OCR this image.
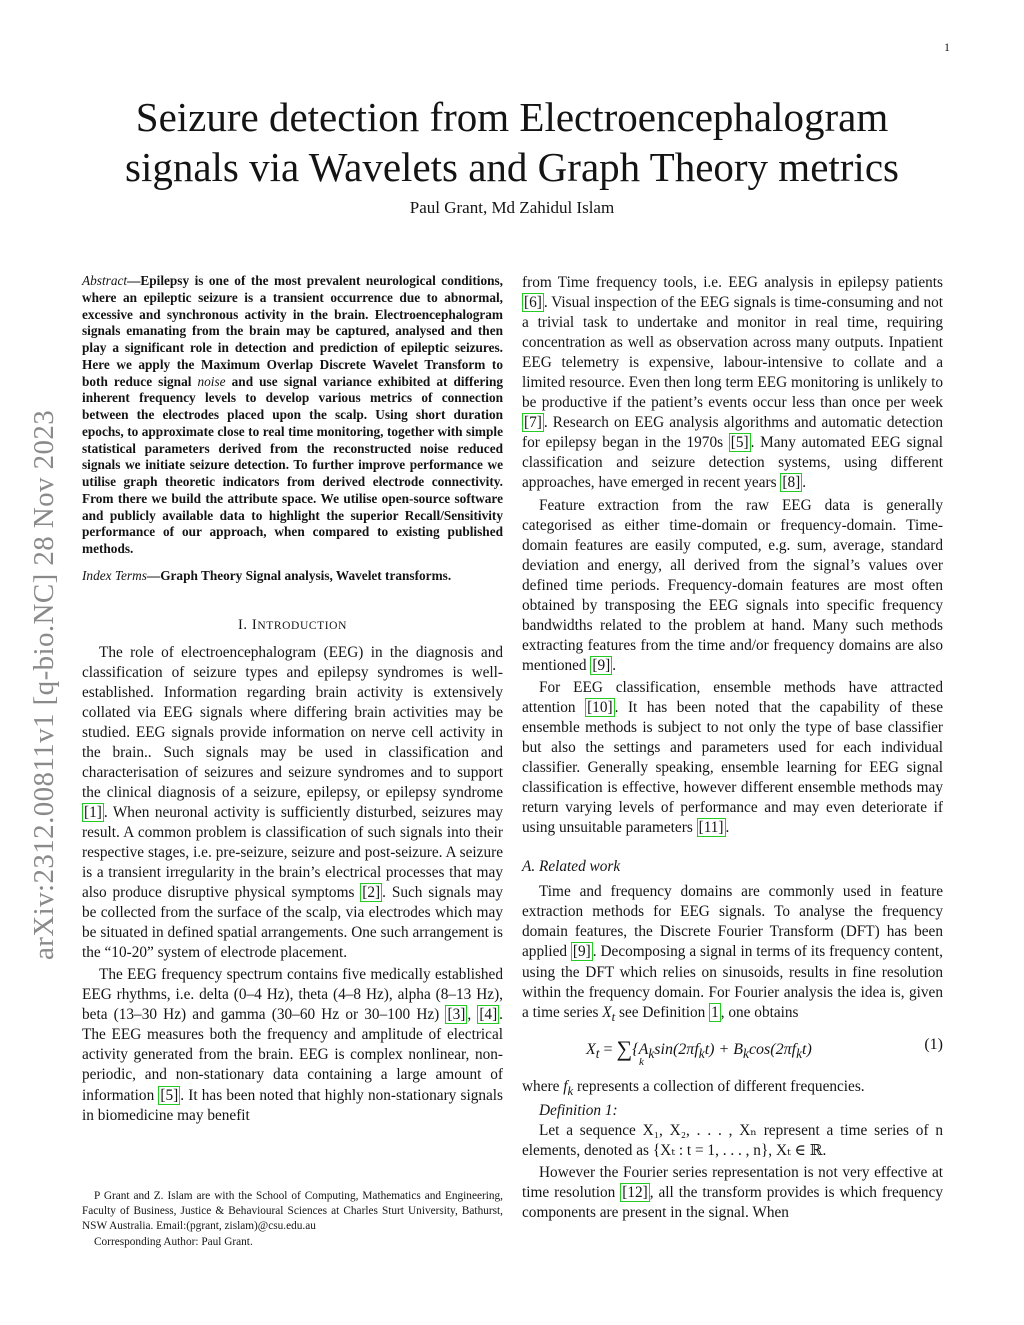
1
arXiv:2312.00811v1 [q-bio.NC] 28 Nov 2023
Seizure detection from Electroencephalogram
signals via Wavelets and Graph Theory metrics
Paul Grant, Md Zahidul Islam

Abstract—Epilepsy is one of the most prevalent neurological conditions, where an epileptic seizure is a transient occurrence due to abnormal, excessive and synchronous activity in the brain. Electroencephalogram signals emanating from the brain may be captured, analysed and then play a significant role in detection and prediction of epileptic seizures. Here we apply the Maximum Overlap Discrete Wavelet Transform to both reduce signal noise and use signal variance exhibited at differing inherent frequency levels to develop various metrics of connection between the electrodes placed upon the scalp. Using short duration epochs, to approximate close to real time monitoring, together with simple statistical parameters derived from the reconstructed noise reduced signals we initiate seizure detection. To further improve performance we utilise graph theoretic indicators from derived electrode connectivity. From there we build the attribute space. We utilise open-source software and publicly available data to highlight the superior Recall/Sensitivity performance of our approach, when compared to existing published methods.

Index Terms—Graph Theory Signal analysis, Wavelet transforms.

I. INTRODUCTION

The role of electroencephalogram (EEG) in the diagnosis and classification of seizure types and epilepsy syndromes is well-established. Information regarding brain activity is extensively collated via EEG signals where differing brain activities may be studied. EEG signals provide information on nerve cell activity in the brain.. Such signals may be used in classification and characterisation of seizures and seizure syndromes and to support the clinical diagnosis of a seizure, epilepsy, or epilepsy syndrome [1] . When neuronal activity is sufficiently disturbed, seizures may result. A common problem is classification of such signals into their respective stages, i.e. pre-seizure, seizure and post-seizure. A seizure is a transient irregularity in the brain’s electrical processes that may also produce disruptive physical symptoms [2] . Such signals may be collected from the surface of the scalp, via electrodes which may be situated in defined spatial arrangements. One such arrangement is the “10-20” system of electrode placement.

The EEG frequency spectrum contains five medically established EEG rhythms, i.e. delta (0–4 Hz), theta (4–8 Hz), alpha (8–13 Hz), beta (13–30 Hz) and gamma (30–60 Hz or 30–100 Hz) [3] , [4] . The EEG measures both the frequency and amplitude of electrical activity generated from the brain. EEG is complex nonlinear, non-periodic, and non-stationary data containing a large amount of information [5] . It has been noted that highly non-stationary signals in biomedicine may benefit

P Grant and Z. Islam are with the School of Computing, Mathematics and Engineering, Faculty of Business, Justice & Behavioural Sciences at Charles Sturt University, Bathurst, NSW Australia. Email:(pgrant, zislam)@csu.edu.au

Corresponding Author: Paul Grant.

from Time frequency tools, i.e. EEG analysis in epilepsy patients [6] . Visual inspection of the EEG signals is time-consuming and not a trivial task to undertake and monitor in real time, requiring concentration as well as observation across many outputs. Inpatient EEG telemetry is expensive, labour-intensive to collate and a limited resource. Even then long term EEG monitoring is unlikely to be productive if the patient’s events occur less than once per week [7] . Research on EEG analysis algorithms and automatic detection for epilepsy began in the 1970s [5] . Many automated EEG signal classification and seizure detection systems, using different approaches, have emerged in recent years [8] .

Feature extraction from the raw EEG data is generally categorised as either time-domain or frequency-domain. Time-domain features are easily computed, e.g. sum, average, standard deviation and energy, all derived from the signal’s values over defined time periods. Frequency-domain features are most often obtained by transposing the EEG signals into specific frequency bandwidths related to the problem at hand. Many such methods extracting features from the time and/or frequency domains are also mentioned [9] .

For EEG classification, ensemble methods have attracted attention [10] . It has been noted that the capability of these ensemble methods is subject to not only the type of base classifier but also the settings and parameters used for each individual classifier. Generally speaking, ensemble learning for EEG signal classification is effective, however different ensemble methods may return varying levels of performance and may even deteriorate if using unsuitable parameters [11] .

A. Related work

Time and frequency domains are commonly used in feature extraction methods for EEG signals. To analyse the frequency domain features, the Discrete Fourier Transform (DFT) has been applied [9] . Decomposing a signal in terms of its frequency content, using the DFT which relies on sinusoids, results in fine resolution within the frequency domain. For Fourier analysis the idea is, given a time series $X_t$ see Definition 1 , one obtains

$X_t = \sum\{A_k\sin(2\pi f_kt) + B_k\cos(2\pi f_kt)$
k
(1)

where $f_k$ represents a collection of different frequencies.

Definition 1:

Let a sequence X₁, X₂, . . . , Xₙ represent a time series of n elements, denoted as {Xₜ : t = 1, . . . , n}, Xₜ ∈ ℝ.

However the Fourier series representation is not very effective at time resolution [12] , all the transform provides is which frequency components are present in the signal. When
